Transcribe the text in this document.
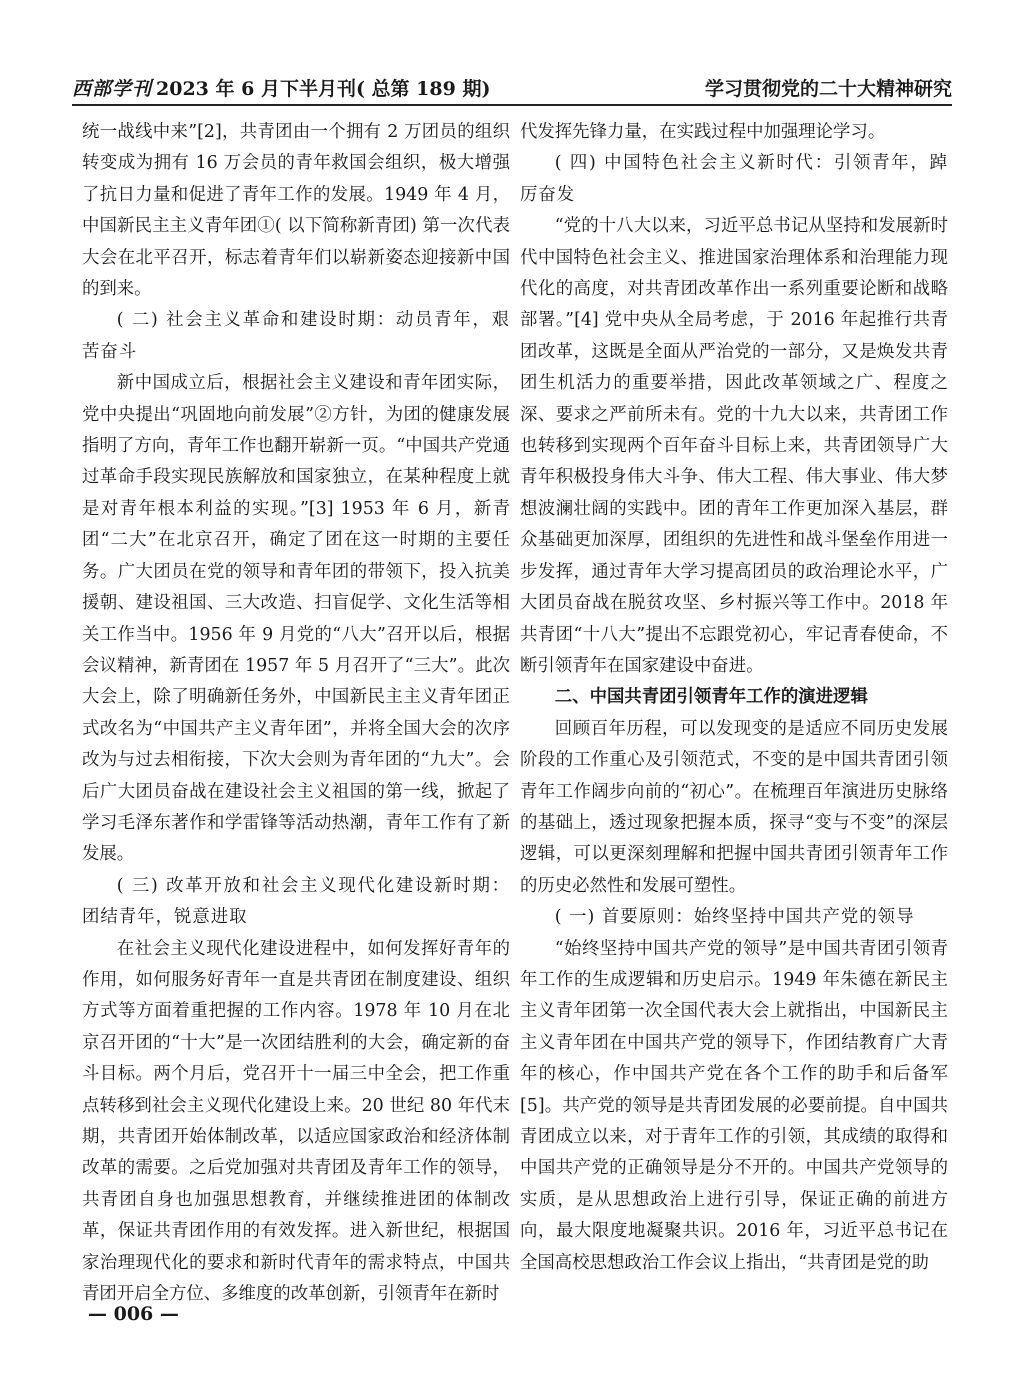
西部学刊 2023 年 6 月下半月刊( 总第 189 期)	学习贯彻党的二十大精神研究

统一战线中来”[2]，共青团由一个拥有 2 万团员的组织转变成为拥有 16 万会员的青年救国会组织，极大增强了抗日力量和促进了青年工作的发展。1949 年 4 月，中国新民主主义青年团①( 以下简称新青团) 第一次代表大会在北平召开，标志着青年们以崭新姿态迎接新中国的到来。

( 二) 社会主义革命和建设时期：动员青年，艰苦奋斗

新中国成立后，根据社会主义建设和青年团实际，党中央提出“巩固地向前发展”②方针，为团的健康发展指明了方向，青年工作也翻开崭新一页。“中国共产党通过革命手段实现民族解放和国家独立，在某种程度上就是对青年根本利益的实现。”[3] 1953 年 6 月，新青团“二大”在北京召开，确定了团在这一时期的主要任务。广大团员在党的领导和青年团的带领下，投入抗美援朝、建设祖国、三大改造、扫盲促学、文化生活等相关工作当中。1956 年 9 月党的“八大”召开以后，根据会议精神，新青团在 1957 年 5 月召开了“三大”。此次大会上，除了明确新任务外，中国新民主主义青年团正式改名为“中国共产主义青年团”，并将全国大会的次序改为与过去相衔接，下次大会则为青年团的“九大”。会后广大团员奋战在建设社会主义祖国的第一线，掀起了学习毛泽东著作和学雷锋等活动热潮，青年工作有了新发展。

( 三) 改革开放和社会主义现代化建设新时期：团结青年，锐意进取

在社会主义现代化建设进程中，如何发挥好青年的作用，如何服务好青年一直是共青团在制度建设、组织方式等方面着重把握的工作内容。1978 年 10 月在北京召开团的“十大”是一次团结胜利的大会，确定新的奋斗目标。两个月后，党召开十一届三中全会，把工作重点转移到社会主义现代化建设上来。20 世纪 80 年代末期，共青团开始体制改革，以适应国家政治和经济体制改革的需要。之后党加强对共青团及青年工作的领导，共青团自身也加强思想教育，并继续推进团的体制改革，保证共青团作用的有效发挥。进入新世纪，根据国家治理现代化的要求和新时代青年的需求特点，中国共青团开启全方位、多维度的改革创新，引领青年在新时

代发挥先锋力量，在实践过程中加强理论学习。

( 四) 中国特色社会主义新时代：引领青年，踔厉奋发

“党的十八大以来，习近平总书记从坚持和发展新时代中国特色社会主义、推进国家治理体系和治理能力现代化的高度，对共青团改革作出一系列重要论断和战略部署。”[4] 党中央从全局考虑，于 2016 年起推行共青团改革，这既是全面从严治党的一部分，又是焕发共青团生机活力的重要举措，因此改革领域之广、程度之深、要求之严前所未有。党的十九大以来，共青团工作也转移到实现两个百年奋斗目标上来，共青团领导广大青年积极投身伟大斗争、伟大工程、伟大事业、伟大梦想波澜壮阔的实践中。团的青年工作更加深入基层，群众基础更加深厚，团组织的先进性和战斗堡垒作用进一步发挥，通过青年大学习提高团员的政治理论水平，广大团员奋战在脱贫攻坚、乡村振兴等工作中。2018 年共青团“十八大”提出不忘跟党初心，牢记青春使命，不断引领青年在国家建设中奋进。

二、中国共青团引领青年工作的演进逻辑

回顾百年历程，可以发现变的是适应不同历史发展阶段的工作重心及引领范式，不变的是中国共青团引领青年工作阔步向前的“初心”。在梳理百年演进历史脉络的基础上，透过现象把握本质，探寻“变与不变”的深层逻辑，可以更深刻理解和把握中国共青团引领青年工作的历史必然性和发展可塑性。

( 一) 首要原则：始终坚持中国共产党的领导

“始终坚持中国共产党的领导”是中国共青团引领青年工作的生成逻辑和历史启示。1949 年朱德在新民主主义青年团第一次全国代表大会上就指出，中国新民主主义青年团在中国共产党的领导下，作团结教育广大青年的核心，作中国共产党在各个工作的助手和后备军[5]。共产党的领导是共青团发展的必要前提。自中国共青团成立以来，对于青年工作的引领，其成绩的取得和中国共产党的正确领导是分不开的。中国共产党领导的实质，是从思想政治上进行引导，保证正确的前进方向，最大限度地凝聚共识。2016 年，习近平总书记在全国高校思想政治工作会议上指出，“共青团是党的助

— 006 —
